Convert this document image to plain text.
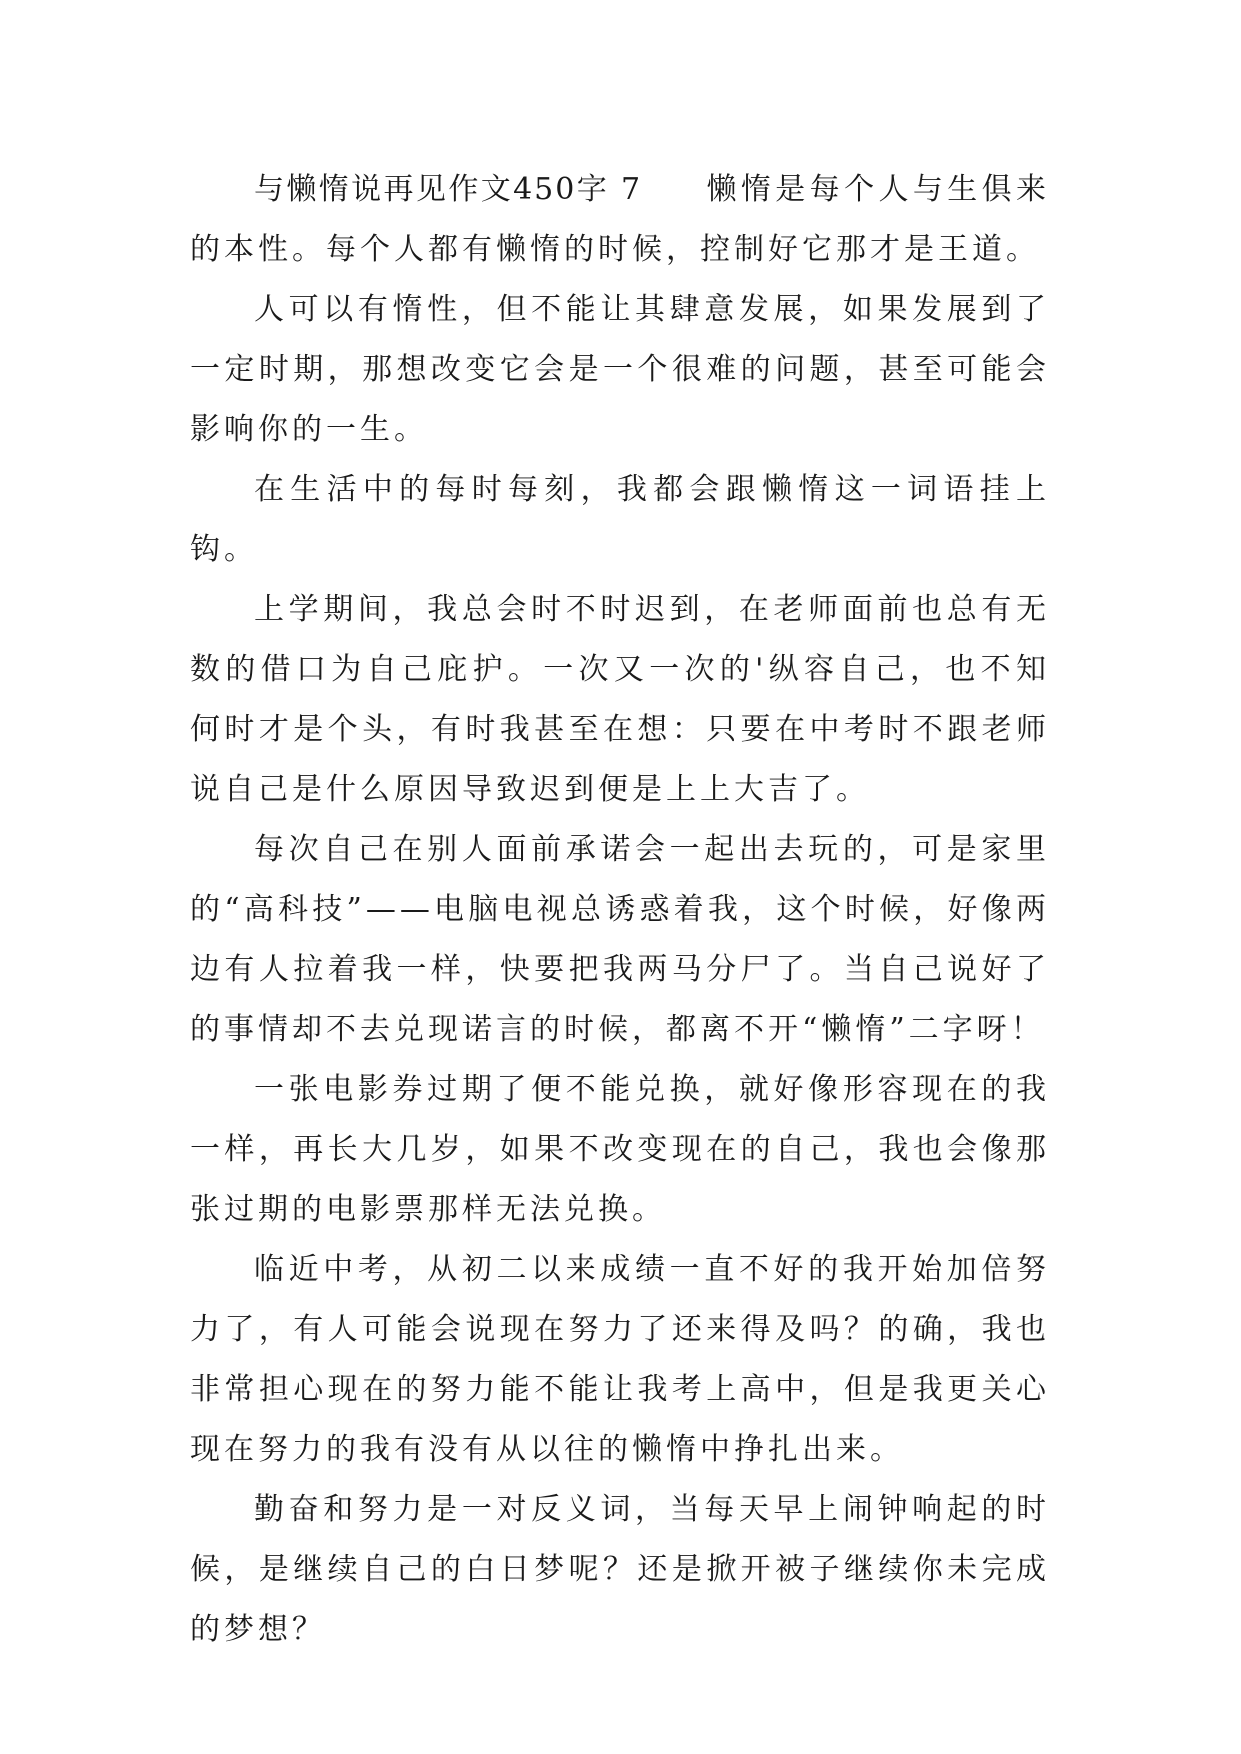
与懒惰说再见作文450字 7 懒惰是每个人与生俱来的本性。每个人都有懒惰的时候，控制好它那才是王道。

人可以有惰性，但不能让其肆意发展，如果发展到了一定时期，那想改变它会是一个很难的问题，甚至可能会影响你的一生。

在生活中的每时每刻，我都会跟懒惰这一词语挂上钩。

上学期间，我总会时不时迟到，在老师面前也总有无数的借口为自己庇护。一次又一次的'纵容自己，也不知何时才是个头，有时我甚至在想：只要在中考时不跟老师说自己是什么原因导致迟到便是上上大吉了。

每次自己在别人面前承诺会一起出去玩的，可是家里的“高科技”——电脑电视总诱惑着我，这个时候，好像两边有人拉着我一样，快要把我两马分尸了。当自己说好了的事情却不去兑现诺言的时候，都离不开“懒惰”二字呀！

一张电影券过期了便不能兑换，就好像形容现在的我一样，再长大几岁，如果不改变现在的自己，我也会像那张过期的电影票那样无法兑换。

临近中考，从初二以来成绩一直不好的我开始加倍努力了，有人可能会说现在努力了还来得及吗？的确，我也非常担心现在的努力能不能让我考上高中，但是我更关心现在努力的我有没有从以往的懒惰中挣扎出来。

勤奋和努力是一对反义词，当每天早上闹钟响起的时候，是继续自己的白日梦呢？还是掀开被子继续你未完成的梦想？
